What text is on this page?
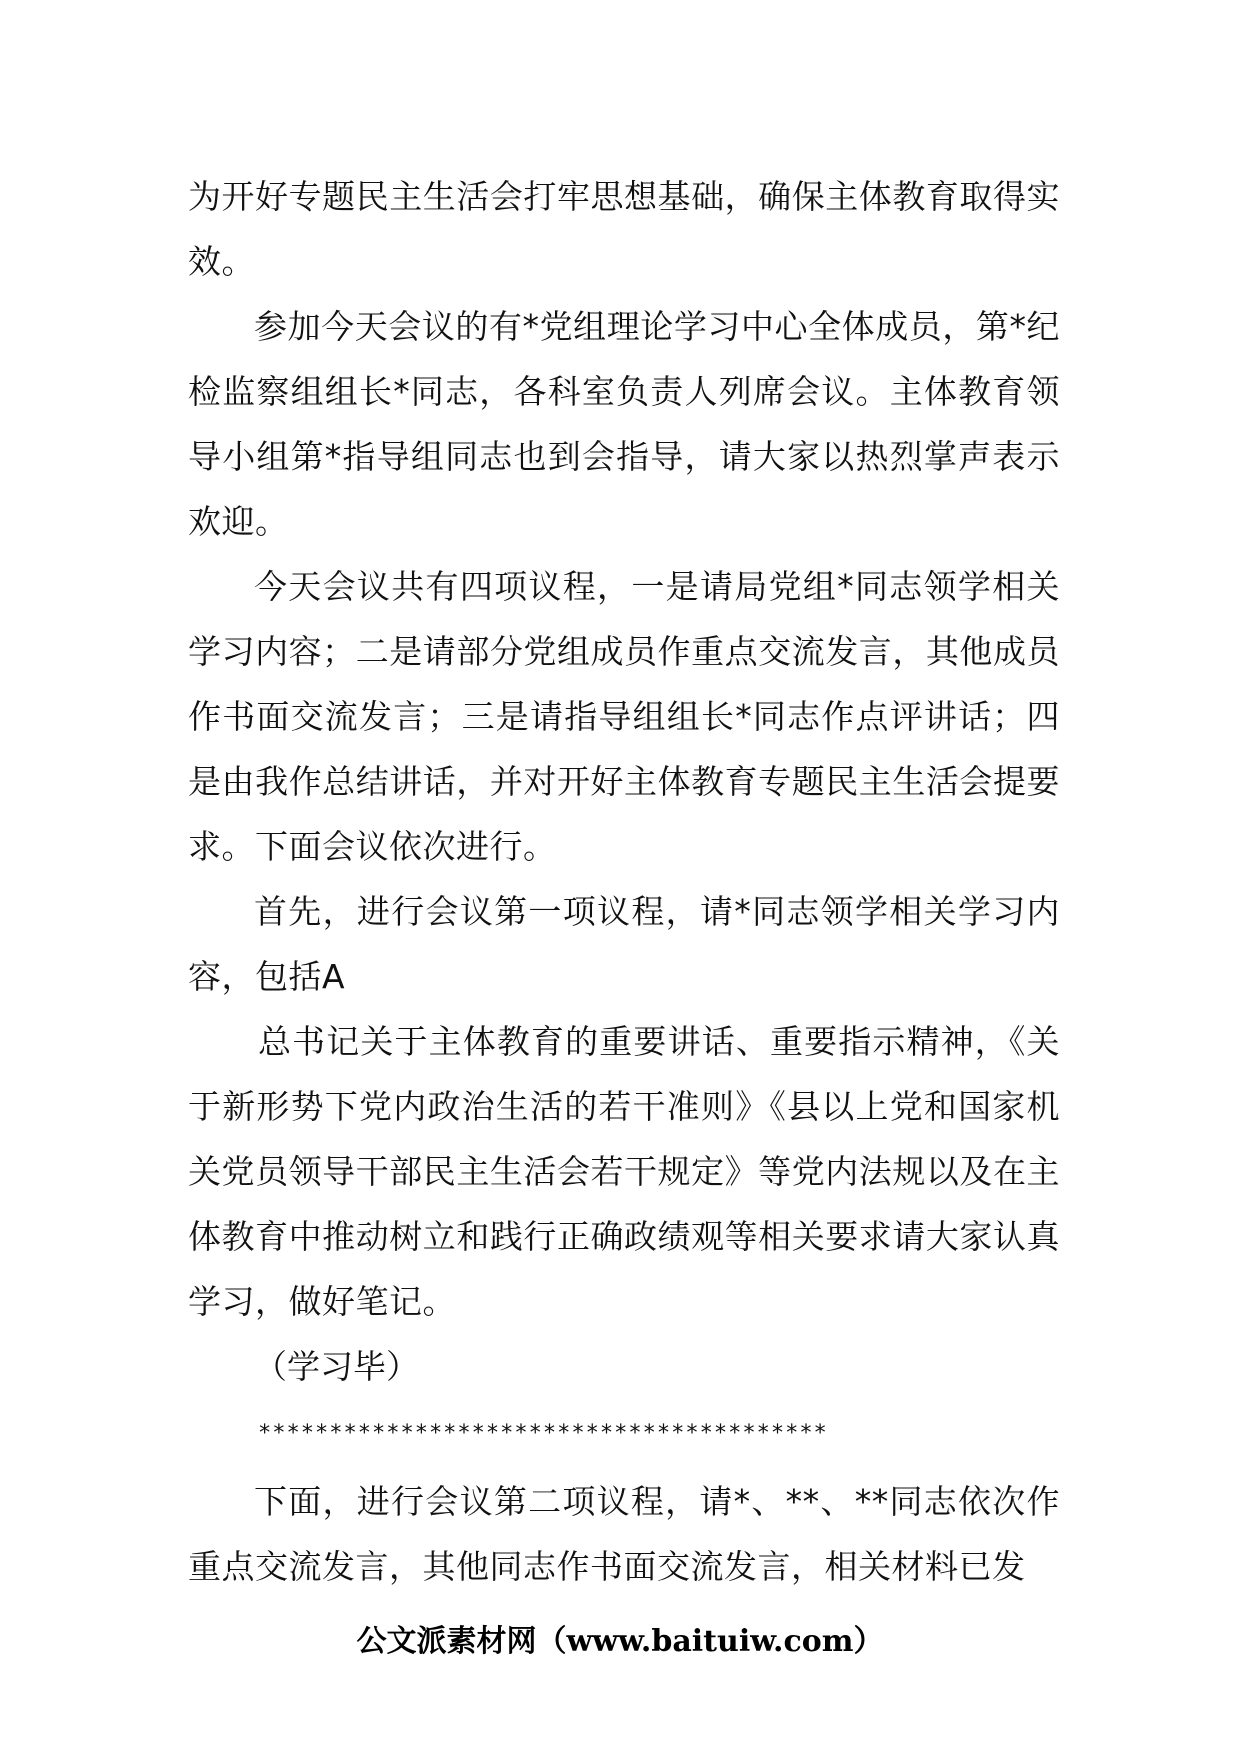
为开好专题民主生活会打牢思想基础，确保主体教育取得实效。

参加今天会议的有*党组理论学习中心全体成员，第*纪检监察组组长*同志，各科室负责人列席会议。主体教育领导小组第*指导组同志也到会指导，请大家以热烈掌声表示欢迎。

今天会议共有四项议程，一是请局党组*同志领学相关学习内容；二是请部分党组成员作重点交流发言，其他成员作书面交流发言；三是请指导组组长*同志作点评讲话；四是由我作总结讲话，并对开好主体教育专题民主生活会提要求。下面会议依次进行。

首先，进行会议第一项议程，请*同志领学相关学习内容，包括A

总书记关于主体教育的重要讲话、重要指示精神，《关于新形势下党内政治生活的若干准则》《县以上党和国家机关党员领导干部民主生活会若干规定》等党内法规以及在主体教育中推动树立和践行正确政绩观等相关要求请大家认真学习，做好笔记。

（学习毕）

****************************************

下面，进行会议第二项议程，请*、**、**同志依次作重点交流发言，其他同志作书面交流发言，相关材料已发

公文派素材网（www.baituiw.com）
